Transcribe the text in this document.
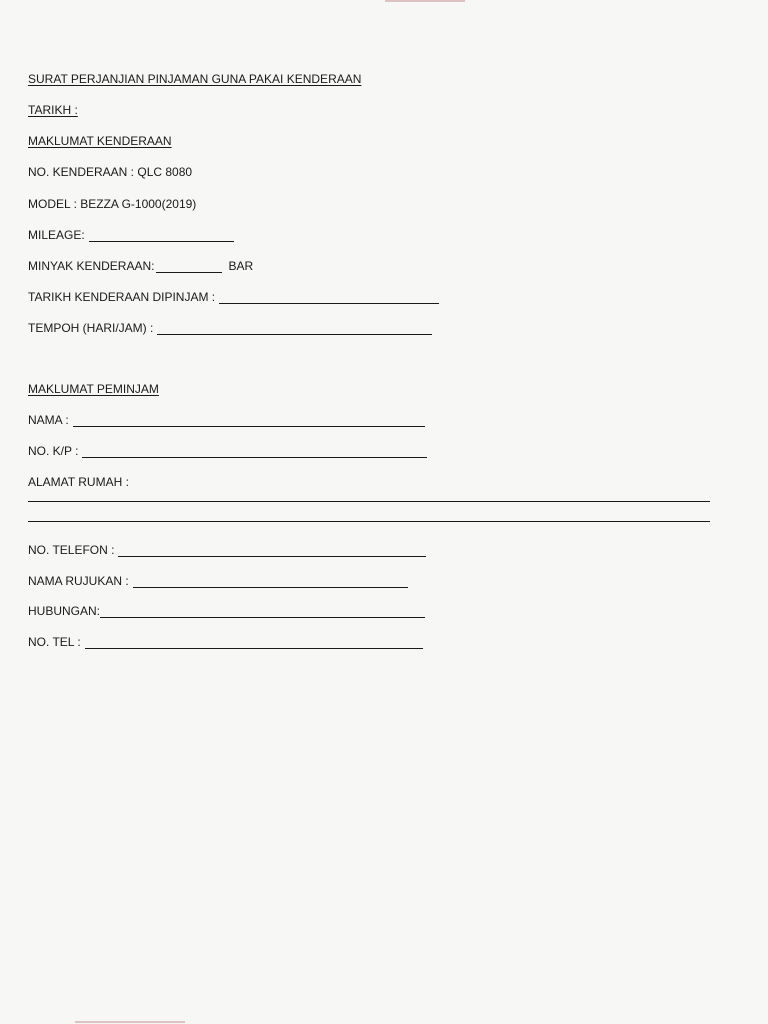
SURAT PERJANJIAN PINJAMAN GUNA PAKAI KENDERAAN
TARIKH :
MAKLUMAT KENDERAAN
NO. KENDERAAN : QLC 8080
MODEL : BEZZA G-1000(2019)
MILEAGE:
MINYAK KENDERAAN:	BAR
TARIKH KENDERAAN DIPINJAM :
TEMPOH (HARI/JAM) :
MAKLUMAT PEMINJAM
NAMA :
NO. K/P :
ALAMAT RUMAH :
NO. TELEFON :
NAMA RUJUKAN :
HUBUNGAN:
NO. TEL :
